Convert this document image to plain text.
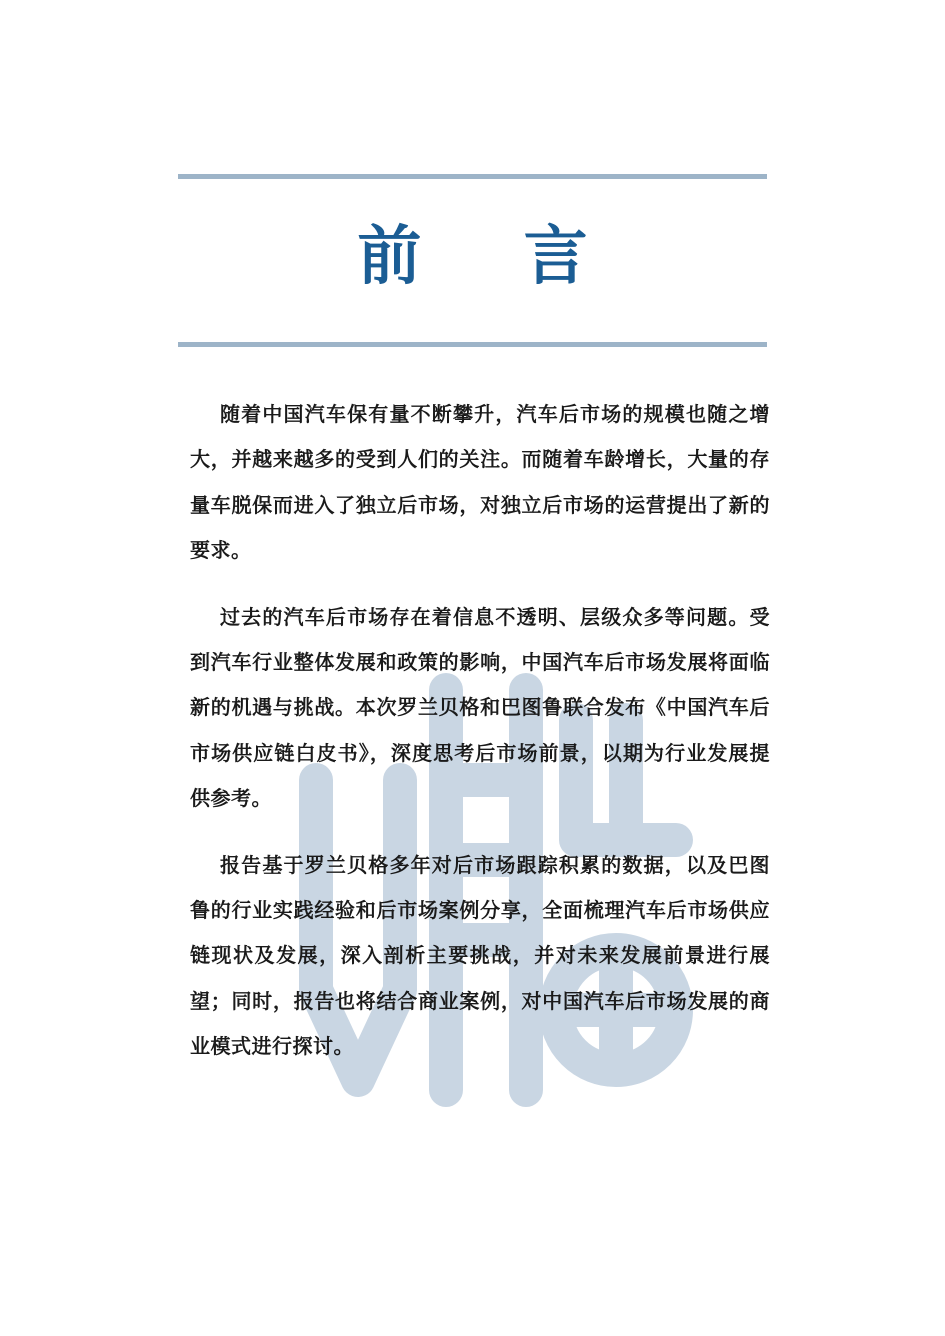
前 言

随着中国汽车保有量不断攀升，汽车后市场的规模也随之增大，并越来越多的受到人们的关注。而随着车龄增长，大量的存量车脱保而进入了独立后市场，对独立后市场的运营提出了新的要求。

过去的汽车后市场存在着信息不透明、层级众多等问题。受到汽车行业整体发展和政策的影响，中国汽车后市场发展将面临新的机遇与挑战。本次罗兰贝格和巴图鲁联合发布《中国汽车后市场供应链白皮书》，深度思考后市场前景，以期为行业发展提供参考。

报告基于罗兰贝格多年对后市场跟踪积累的数据，以及巴图鲁的行业实践经验和后市场案例分享，全面梳理汽车后市场供应链现状及发展，深入剖析主要挑战，并对未来发展前景进行展望；同时，报告也将结合商业案例，对中国汽车后市场发展的商业模式进行探讨。
